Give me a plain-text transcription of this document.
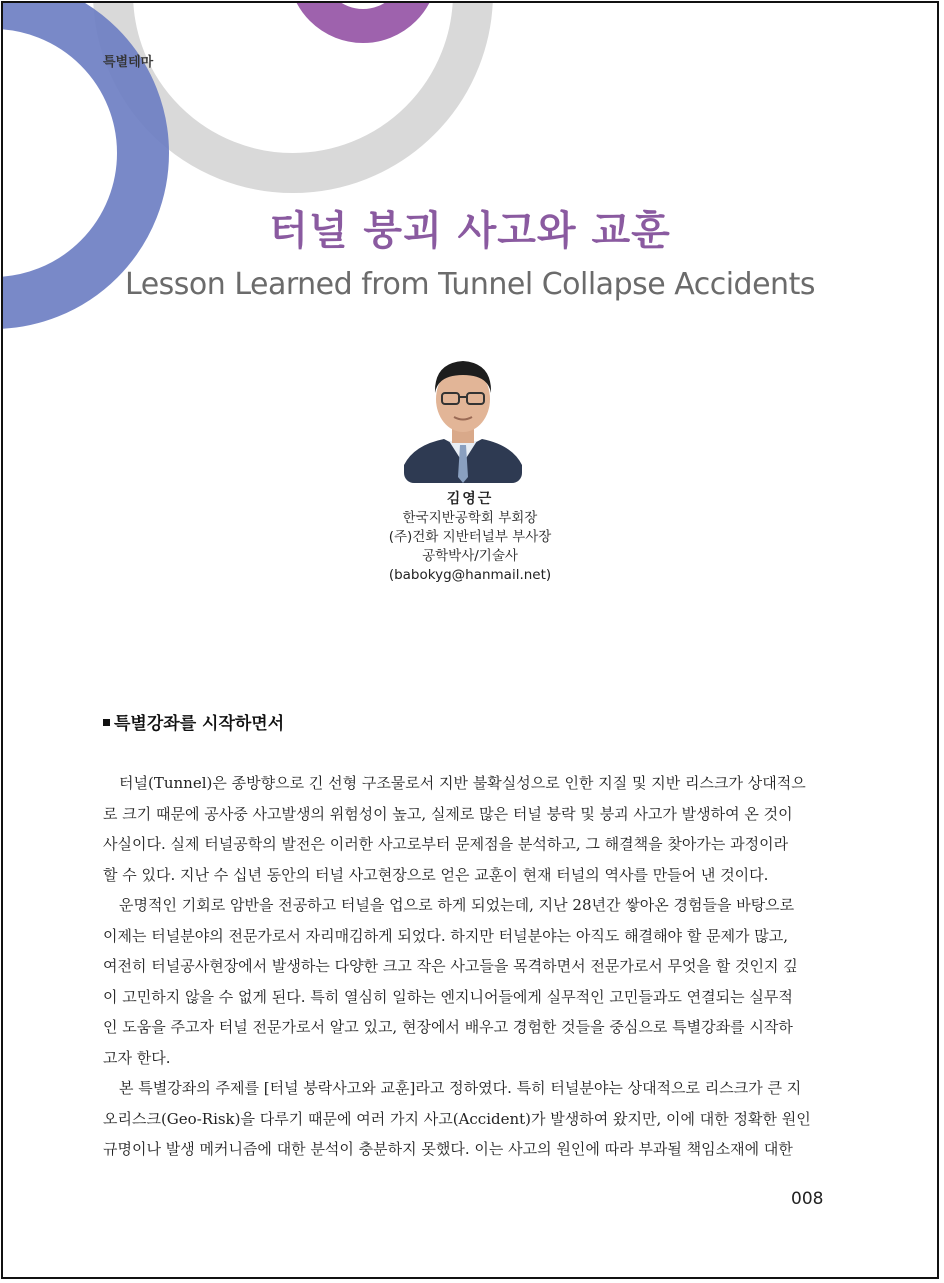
특별테마
터널 붕괴 사고와 교훈
Lesson Learned from Tunnel Collapse Accidents
김영근
한국지반공학회 부회장
(주)건화 지반터널부 부사장
공학박사/기술사
(babokyg@hanmail.net)
특별강좌를 시작하면서
터널(Tunnel)은 종방향으로 긴 선형 구조물로서 지반 불확실성으로 인한 지질 및 지반 리스크가 상대적으
로 크기 때문에 공사중 사고발생의 위험성이 높고, 실제로 많은 터널 붕락 및 붕괴 사고가 발생하여 온 것이
사실이다. 실제 터널공학의 발전은 이러한 사고로부터 문제점을 분석하고, 그 해결책을 찾아가는 과정이라
할 수 있다. 지난 수 십년 동안의 터널 사고현장으로 얻은 교훈이 현재 터널의 역사를 만들어 낸 것이다.
운명적인 기회로 암반을 전공하고 터널을 업으로 하게 되었는데, 지난 28년간 쌓아온 경험들을 바탕으로
이제는 터널분야의 전문가로서 자리매김하게 되었다. 하지만 터널분야는 아직도 해결해야 할 문제가 많고,
여전히 터널공사현장에서 발생하는 다양한 크고 작은 사고들을 목격하면서 전문가로서 무엇을 할 것인지 깊
이 고민하지 않을 수 없게 된다. 특히 열심히 일하는 엔지니어들에게 실무적인 고민들과도 연결되는 실무적
인 도움을 주고자 터널 전문가로서 알고 있고, 현장에서 배우고 경험한 것들을 중심으로 특별강좌를 시작하
고자 한다.
본 특별강좌의 주제를 [터널 붕락사고와 교훈]라고 정하였다. 특히 터널분야는 상대적으로 리스크가 큰 지
오리스크(Geo-Risk)을 다루기 때문에 여러 가지 사고(Accident)가 발생하여 왔지만, 이에 대한 정확한 원인
규명이나 발생 메커니즘에 대한 분석이 충분하지 못했다. 이는 사고의 원인에 따라 부과될 책임소재에 대한
008
